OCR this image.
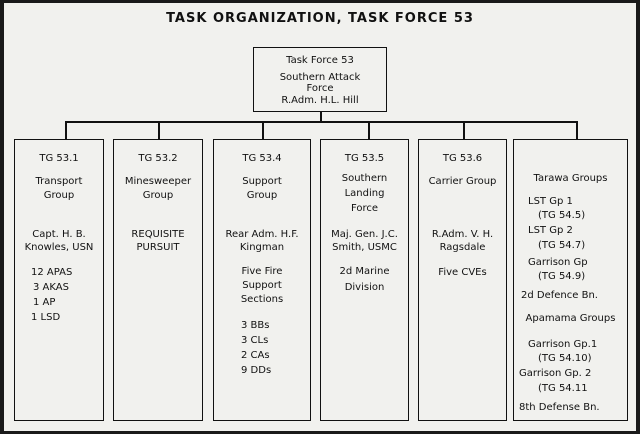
TASK ORGANIZATION, TASK FORCE 53
Task Force 53
Southern Attack
Force
R.Adm. H.L. Hill
TG 53.1
Transport
Group
Capt. H. B.
Knowles, USN
12 APAS
3 AKAS
1 AP
1 LSD
TG 53.2
Minesweeper
Group
REQUISITE
PURSUIT
TG 53.4
Support
Group
Rear Adm. H.F.
Kingman
Five Fire
Support
Sections
3 BBs
3 CLs
2 CAs
9 DDs
TG 53.5
Southern
Landing
Force
Maj. Gen. J.C.
Smith, USMC
2d Marine
Division
TG 53.6
Carrier Group
R.Adm. V. H.
Ragsdale
Five CVEs
Tarawa Groups
LST Gp 1
(TG 54.5)
LST Gp 2
(TG 54.7)
Garrison Gp
(TG 54.9)
2d Defence Bn.
Apamama Groups
Garrison Gp.1
(TG 54.10)
Garrison Gp. 2
(TG 54.11
8th Defense Bn.
